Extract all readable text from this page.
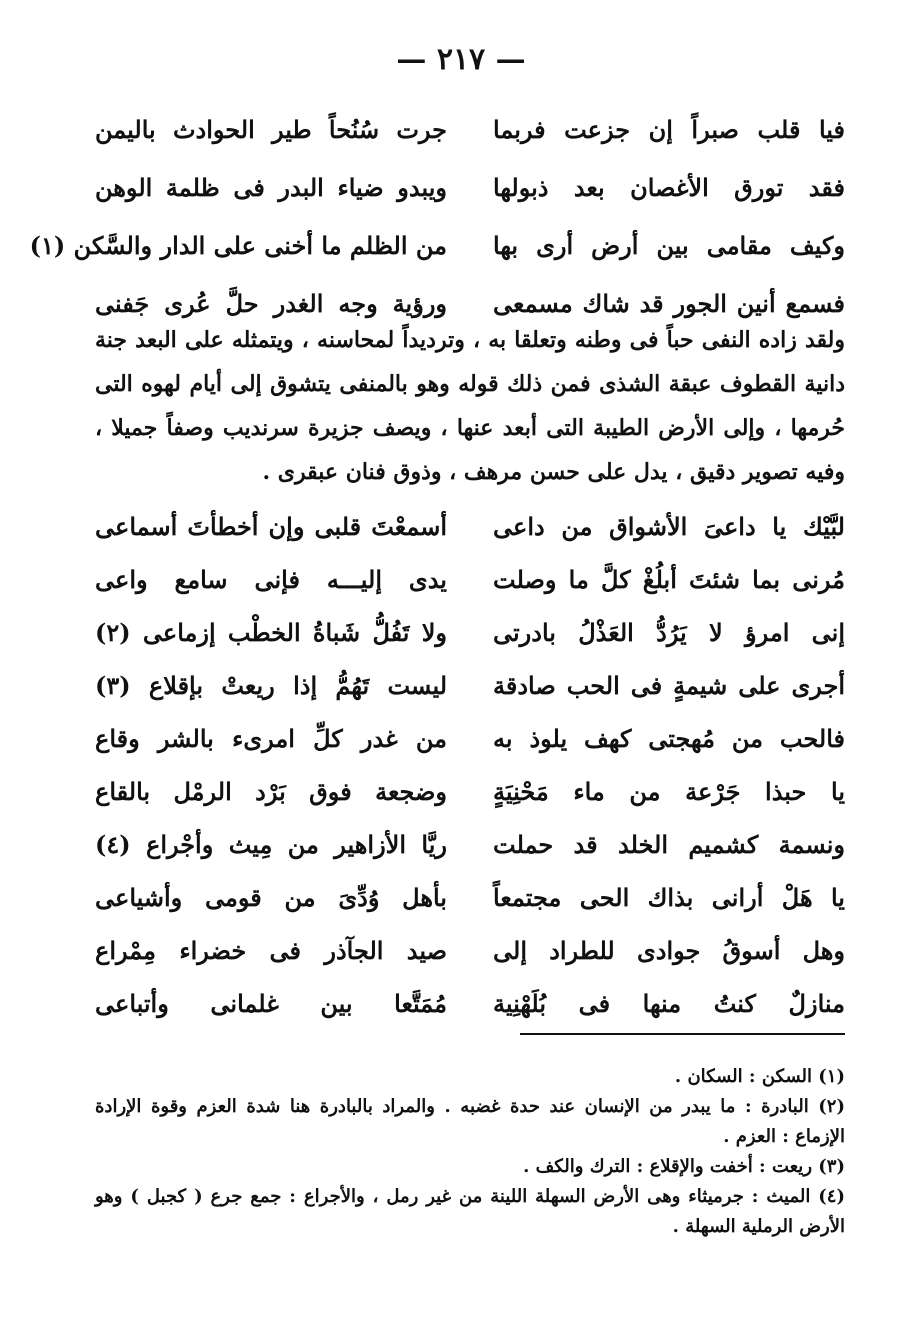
— ٢١٧ —
فيا قلب صبراً إن جزعت فربما
جرت سُنُحاً طير الحوادث باليمن
فقد تورق الأغصان بعد ذبولها
ويبدو ضياء البدر فى ظلمة الوهن
وكيف مقامى بين أرض أرى بها
من الظلم ما أخنى على الدار والسَّكن (١)
فسمع أنين الجور قد شاك مسمعى
ورؤية وجه الغدر حلَّ عُرى جَفنى

ولقد زاده النفى حباً فى وطنه وتعلقا به ، وترديداً لمحاسنه ، ويتمثله على البعد جنة دانية القطوف عبقة الشذى فمن ذلك قوله وهو بالمنفى يتشوق إلى أيام لهوه التى حُرمها ، وإلى الأرض الطيبة التى أبعد عنها ، ويصف جزيرة سرنديب وصفاً جميلا ، وفيه تصوير دقيق ، يدل على حسن مرهف ، وذوق فنان عبقرى .

لبَّيْك يا داعىَ الأشواق من داعى
أسمعْتَ قلبى وإن أخطأتَ أسماعى
مُرنى بما شئتَ أبلُغْ كلَّ ما وصلت
يدى إليـــه فإنى سامع واعى
إنى امرؤ لا يَرُدُّ العَذْلُ بادرتى
ولا تَفُلُّ شَباةُ الخطْب إزماعى (٢)
أجرى على شيمةٍ فى الحب صادقة
ليست تَهُمُّ إذا ريعتْ بإقلاع (٣)
فالحب من مُهجتى كهف يلوذ به
من غدر كلِّ امرىء بالشر وقاع
يا حبذا جَرْعة من ماء مَحْنِيَةٍ
وضجعة فوق بَرْد الرمْل بالقاع
ونسمة كشميم الخلد قد حملت
ريَّا الأزاهير من مِيث وأجْراع (٤)
يا هَلْ أرانى بذاك الحى مجتمعاً
بأهل وُدِّىَ من قومى وأشياعى
وهل أسوقُ جوادى للطراد إلى
صيد الجآذر فى خضراء مِمْراع
منازلٌ كنتُ منها فى بُلَهْنِية
مُمَتَّعا بين غلمانى وأتباعى

(١) السكن : السكان .

(٢) البادرة : ما يبدر من الإنسان عند حدة غضبه . والمراد بالبادرة هنا شدة العزم وقوة الإرادة الإزماع : العزم .

(٣) ريعت : أخفت والإقلاع : الترك والكف .

(٤) الميث : جرميثاء وهى الأرض السهلة اللينة من غير رمل ، والأجراع : جمع جرع ( كجبل ) وهو الأرض الرملية السهلة .
